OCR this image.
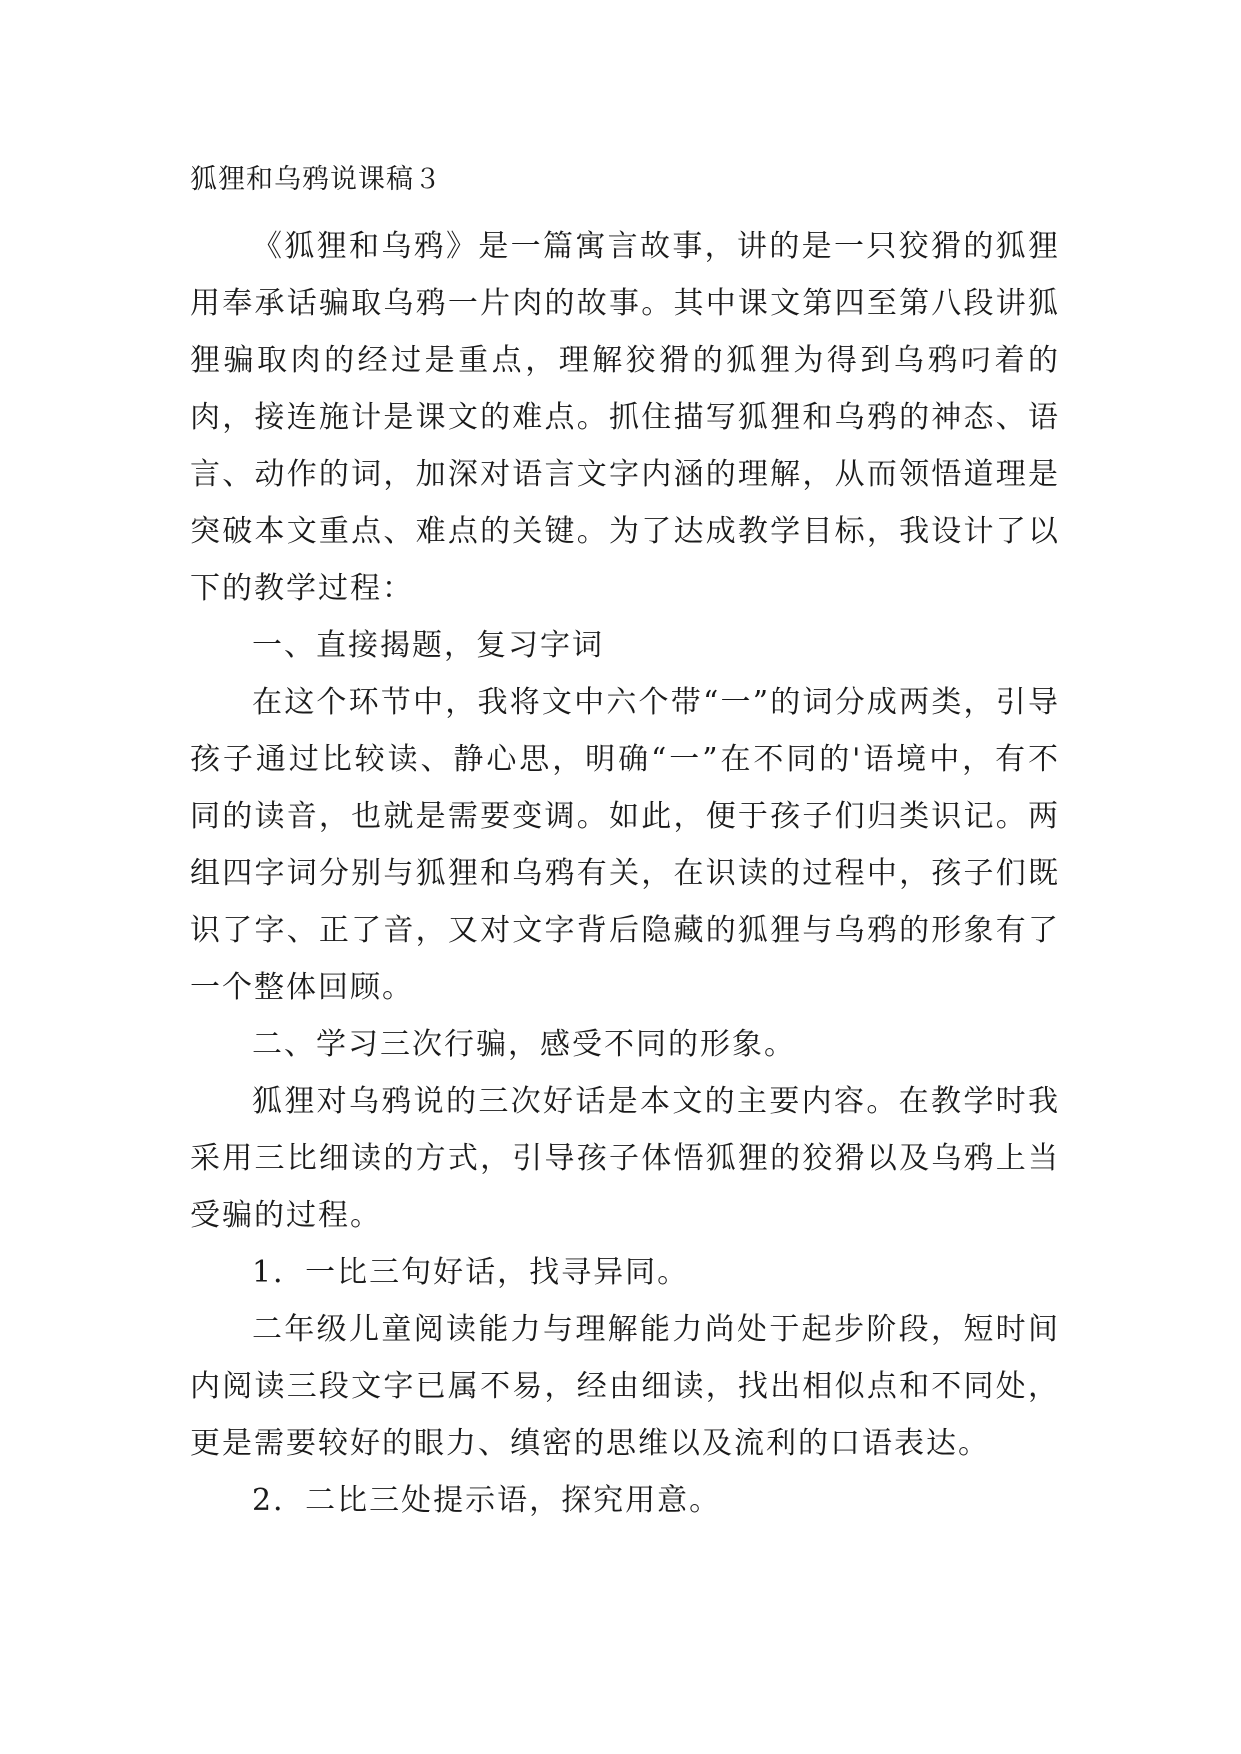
狐狸和乌鸦说课稿３

《狐狸和乌鸦》是一篇寓言故事，讲的是一只狡猾的狐狸用奉承话骗取乌鸦一片肉的故事。其中课文第四至第八段讲狐狸骗取肉的经过是重点，理解狡猾的狐狸为得到乌鸦叼着的肉，接连施计是课文的难点。抓住描写狐狸和乌鸦的神态、语言、动作的词，加深对语言文字内涵的理解，从而领悟道理是突破本文重点、难点的关键。为了达成教学目标，我设计了以下的教学过程：

一、直接揭题，复习字词

在这个环节中，我将文中六个带“一”的词分成两类，引导孩子通过比较读、静心思，明确“一”在不同的'语境中，有不同的读音，也就是需要变调。如此，便于孩子们归类识记。两组四字词分别与狐狸和乌鸦有关，在识读的过程中，孩子们既识了字、正了音，又对文字背后隐藏的狐狸与乌鸦的形象有了一个整体回顾。

二、学习三次行骗，感受不同的形象。

狐狸对乌鸦说的三次好话是本文的主要内容。在教学时我采用三比细读的方式，引导孩子体悟狐狸的狡猾以及乌鸦上当受骗的过程。

1．一比三句好话，找寻异同。

二年级儿童阅读能力与理解能力尚处于起步阶段，短时间内阅读三段文字已属不易，经由细读，找出相似点和不同处，更是需要较好的眼力、缜密的思维以及流利的口语表达。

2．二比三处提示语，探究用意。
